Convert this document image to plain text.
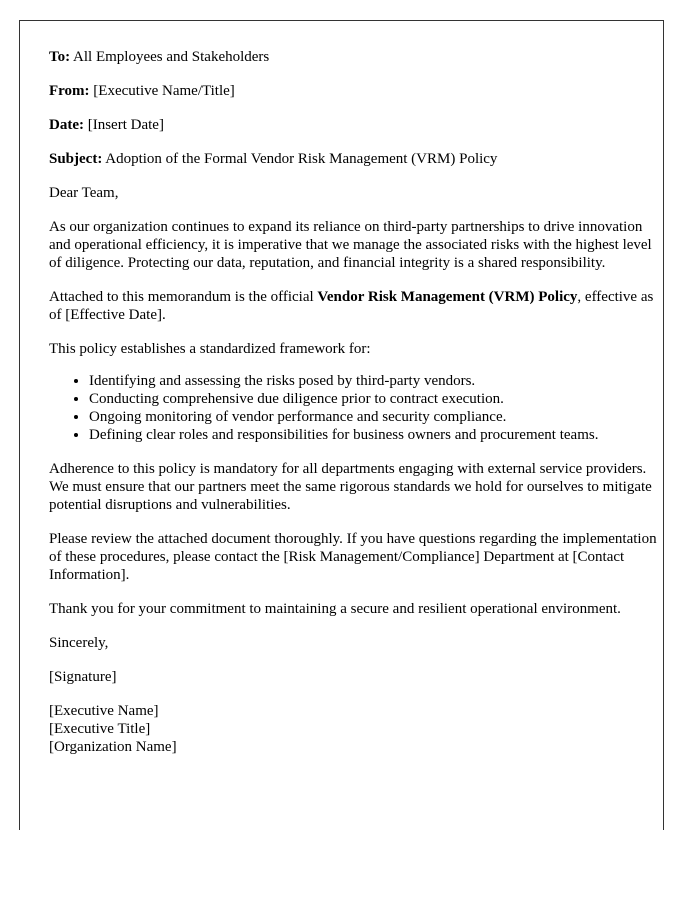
To: All Employees and Stakeholders

From: [Executive Name/Title]

Date: [Insert Date]

Subject: Adoption of the Formal Vendor Risk Management (VRM) Policy

Dear Team,

As our organization continues to expand its reliance on third-party partnerships to drive innovation and operational efficiency, it is imperative that we manage the associated risks with the highest level of diligence. Protecting our data, reputation, and financial integrity is a shared responsibility.

Attached to this memorandum is the official Vendor Risk Management (VRM) Policy, effective as of [Effective Date].

This policy establishes a standardized framework for:

• Identifying and assessing the risks posed by third-party vendors.
• Conducting comprehensive due diligence prior to contract execution.
• Ongoing monitoring of vendor performance and security compliance.
• Defining clear roles and responsibilities for business owners and procurement teams.

Adherence to this policy is mandatory for all departments engaging with external service providers. We must ensure that our partners meet the same rigorous standards we hold for ourselves to mitigate potential disruptions and vulnerabilities.

Please review the attached document thoroughly. If you have questions regarding the implementation of these procedures, please contact the [Risk Management/Compliance] Department at [Contact Information].

Thank you for your commitment to maintaining a secure and resilient operational environment.

Sincerely,

[Signature]

[Executive Name]

[Executive Title]

[Organization Name]
